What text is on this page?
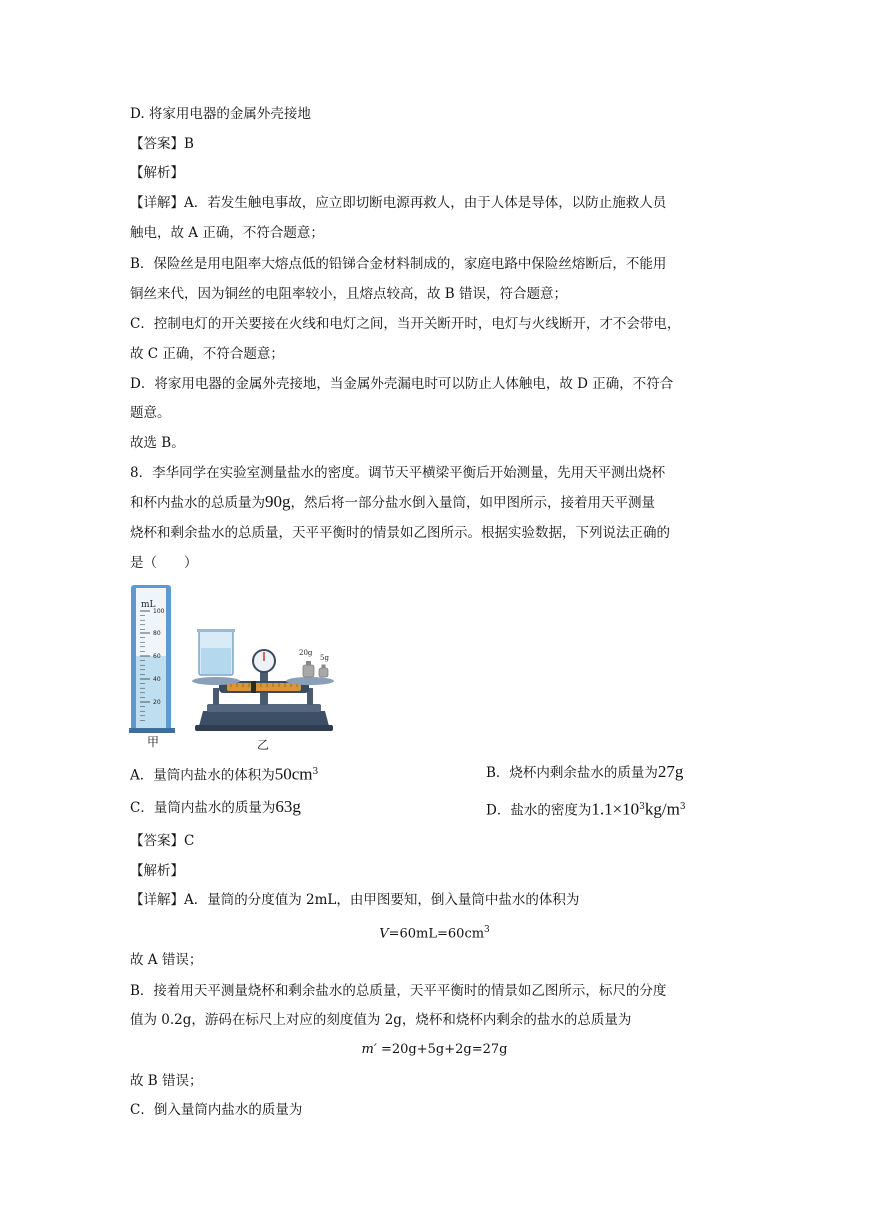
D. 将家用电器的金属外壳接地
【答案】B
【解析】
【详解】A．若发生触电事故，应立即切断电源再救人，由于人体是导体，以防止施救人员
触电，故 A 正确，不符合题意；
B．保险丝是用电阻率大熔点低的铅锑合金材料制成的，家庭电路中保险丝熔断后，不能用
铜丝来代，因为铜丝的电阻率较小，且熔点较高，故 B 错误，符合题意；
C．控制电灯的开关要接在火线和电灯之间，当开关断开时，电灯与火线断开，才不会带电，
故 C 正确，不符合题意；
D．将家用电器的金属外壳接地，当金属外壳漏电时可以防止人体触电，故 D 正确，不符合
题意。
故选 B。
8．李华同学在实验室测量盐水的密度。调节天平横梁平衡后开始测量，先用天平测出烧杯
和杯内盐水的总质量为90g，然后将一部分盐水倒入量筒，如甲图所示，接着用天平测量
烧杯和剩余盐水的总质量，天平平衡时的情景如乙图所示。根据实验数据，下列说法正确的
是（　　）
mL
100
80
60
40
20
甲
20g
5g
乙
A．量筒内盐水的体积为$50cm^3$	B．烧杯内剩余盐水的质量为27g
C．量筒内盐水的质量为63g	D．盐水的密度为$1.1\times 10^3kg/m^3$
【答案】C
【解析】
【详解】A．量筒的分度值为 2mL，由甲图要知，倒入量筒中盐水的体积为
$V=60mL=60cm^3$
故 A 错误；
B．接着用天平测量烧杯和剩余盐水的总质量，天平平衡时的情景如乙图所示，标尺的分度
值为 0.2g，游码在标尺上对应的刻度值为 2g，烧杯和烧杯内剩余的盐水的总质量为
m′ =20g+5g+2g=27g
故 B 错误；
C．倒入量筒内盐水的质量为
